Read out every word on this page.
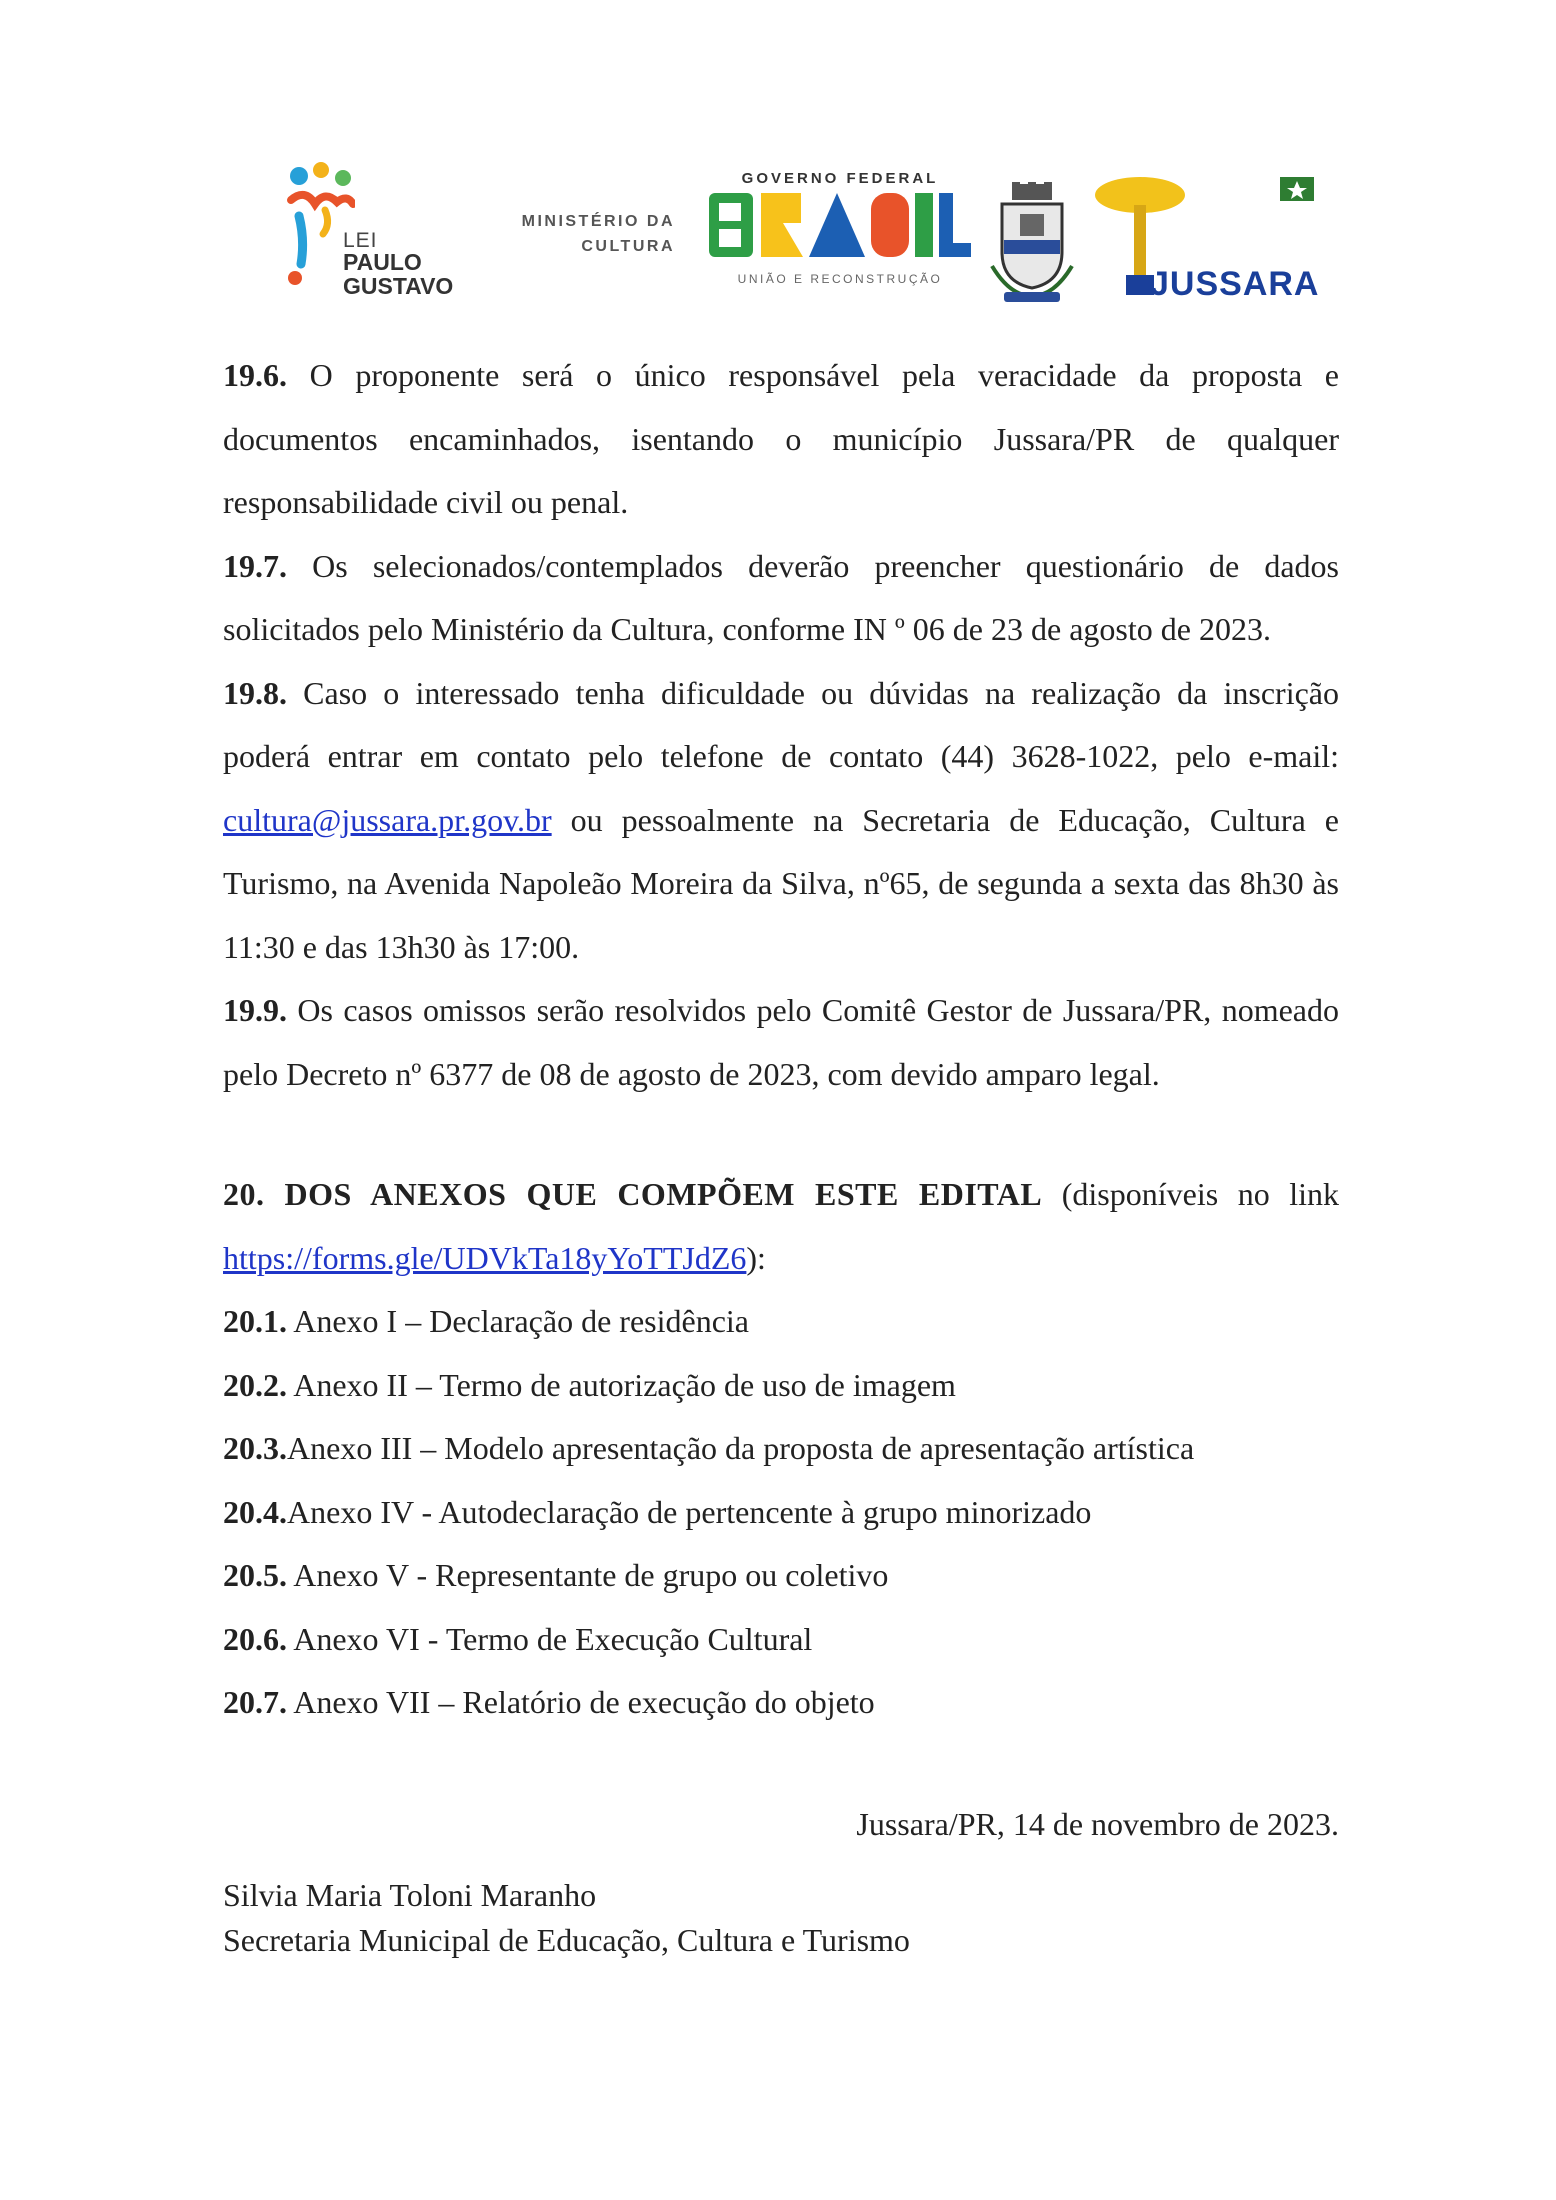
LEI
PAULO
GUSTAVO
MINISTÉRIO DA
CULTURA
GOVERNO FEDERAL
UNIÃO E RECONSTRUÇÃO	JUSSARA

19.6. O proponente será o único responsável pela veracidade da proposta e documentos encaminhados, isentando o município Jussara/PR de qualquer responsabilidade civil ou penal.

19.7. Os selecionados/contemplados deverão preencher questionário de dados solicitados pelo Ministério da Cultura, conforme IN º 06 de 23 de agosto de 2023.

19.8. Caso o interessado tenha dificuldade ou dúvidas na realização da inscrição poderá entrar em contato pelo telefone de contato (44) 3628-1022, pelo e-mail: cultura@jussara.pr.gov.br ou pessoalmente na Secretaria de Educação, Cultura e Turismo, na Avenida Napoleão Moreira da Silva, nº65, de segunda a sexta das 8h30 às 11:30 e das 13h30 às 17:00.

19.9. Os casos omissos serão resolvidos pelo Comitê Gestor de Jussara/PR, nomeado pelo Decreto nº 6377 de 08 de agosto de 2023, com devido amparo legal.

20. DOS ANEXOS QUE COMPÕEM ESTE EDITAL (disponíveis no link https://forms.gle/UDVkTa18yYoTTJdZ6):

20.1. Anexo I – Declaração de residência

20.2. Anexo II – Termo de autorização de uso de imagem

20.3.Anexo III – Modelo apresentação da proposta de apresentação artística

20.4.Anexo IV - Autodeclaração de pertencente à grupo minorizado

20.5. Anexo V - Representante de grupo ou coletivo

20.6. Anexo VI - Termo de Execução Cultural

20.7. Anexo VII – Relatório de execução do objeto

Jussara/PR, 14 de novembro de 2023.
Silvia Maria Toloni Maranho
Secretaria Municipal de Educação, Cultura e Turismo
